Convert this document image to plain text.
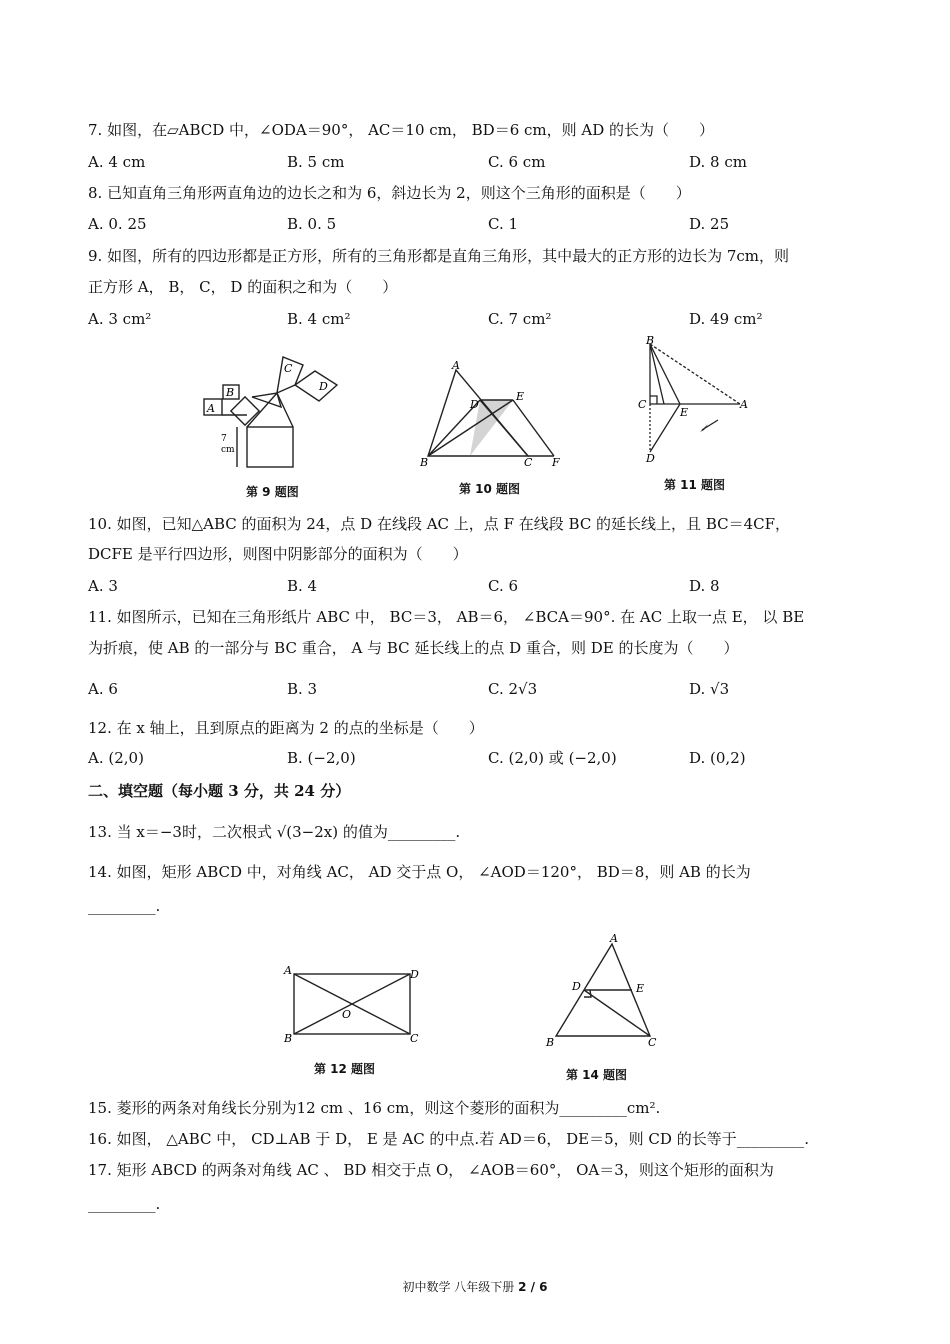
7. 如图，在▱ABCD 中，∠ODA＝90°， AC＝10 cm， BD＝6 cm，则 AD 的长为（　　）
A. 4 cm	B. 5 cm	C. 6 cm	D. 8 cm
8. 已知直角三角形两直角边的边长之和为 6，斜边长为 2，则这个三角形的面积是（　　）
A. 0. 25	B. 0. 5	C. 1	D. 25
9. 如图，所有的四边形都是正方形，所有的三角形都是直角三角形，其中最大的正方形的边长为 7cm，则
正方形 A， B， C， D 的面积之和为（　　）
A. 3 cm²	B. 4 cm²	C. 7 cm²	D. 49 cm²
A
B
C
D
7
cm
第 9 题图
A
B	C
D
E
F
第 10 题图
B
C
E
A
D
第 11 题图
10. 如图，已知△ABC 的面积为 24，点 D 在线段 AC 上，点 F 在线段 BC 的延长线上，且 BC＝4CF，
DCFE 是平行四边形，则图中阴影部分的面积为（　　）
A. 3	B. 4	C. 6	D. 8
11. 如图所示，已知在三角形纸片 ABC 中， BC＝3， AB＝6， ∠BCA＝90°. 在 AC 上取一点 E， 以 BE
为折痕，使 AB 的一部分与 BC 重合， A 与 BC 延长线上的点 D 重合，则 DE 的长度为（　　）
A. 6	B. 3	C. 2√3	D. √3
12. 在 x 轴上，且到原点的距离为 2 的点的坐标是（　　）
A. (2,0)	B. (−2,0)	C. (2,0) 或 (−2,0)	D. (0,2)
二、填空题（每小题 3 分，共 24 分）
13. 当 x＝−3时，二次根式 √(3−2x) 的值为_________.
14. 如图，矩形 ABCD 中，对角线 AC， AD 交于点 O， ∠AOD＝120°， BD＝8，则 AB 的长为
_________.
A	D
B	C
O
第 12 题图
A
D	E
B	C
第 14 题图
15. 菱形的两条对角线长分别为12 cm 、16 cm，则这个菱形的面积为_________cm².
16. 如图， △ABC 中， CD⊥AB 于 D， E 是 AC 的中点.若 AD＝6， DE＝5，则 CD 的长等于_________.
17. 矩形 ABCD 的两条对角线 AC 、 BD 相交于点 O， ∠AOB＝60°， OA＝3，则这个矩形的面积为
_________.
初中数学 八年级下册 2 / 6
